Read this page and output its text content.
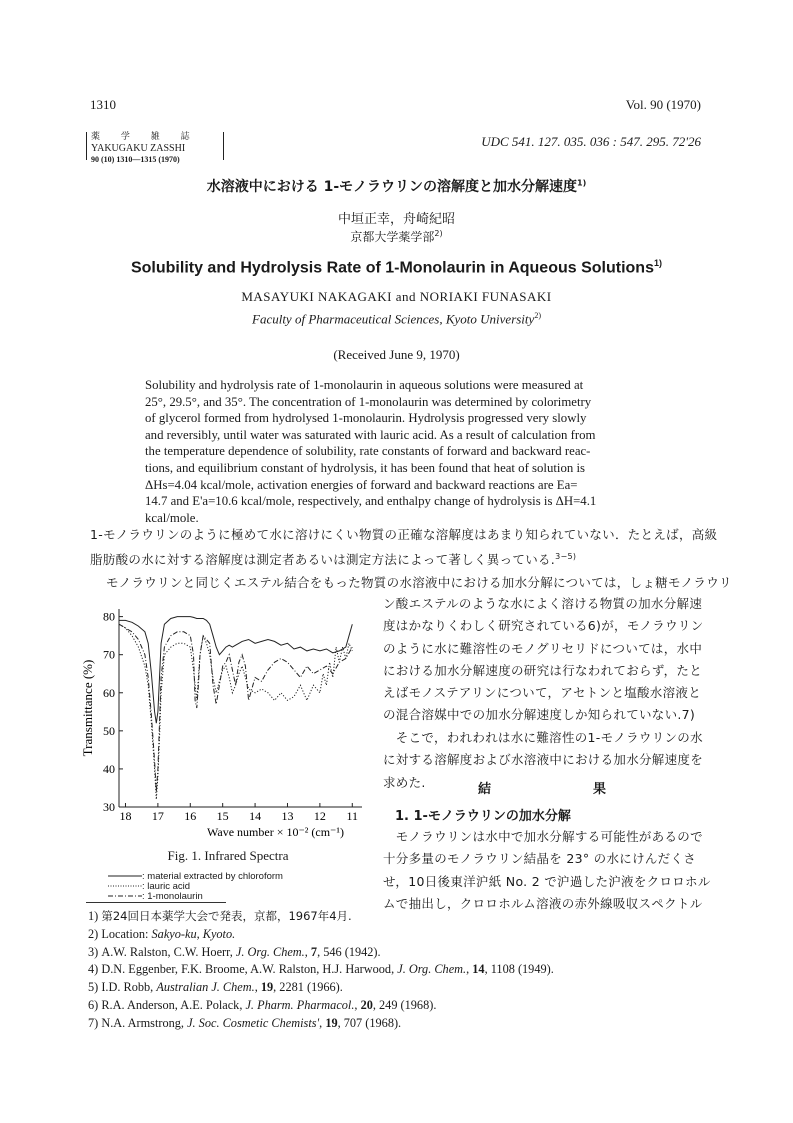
1310	Vol. 90 (1970)
薬 学 雑 誌
YAKUGAKU ZASSHI
90 (10) 1310—1315 (1970)
UDC 541. 127. 035. 036 : 547. 295. 72'26
水溶液中における 1-モノラウリンの溶解度と加水分解速度$^{1)}$
中垣正幸，舟崎紀昭
京都大学薬学部$^{2)}$
Solubility and Hydrolysis Rate of 1-Monolaurin in Aqueous Solutions$^{1)}$
MASAYUKI NAKAGAKI and NORIAKI FUNASAKI
Faculty of Pharmaceutical Sciences, Kyoto University$^{2)}$
(Received June 9, 1970)
Solubility and hydrolysis rate of 1-monolaurin in aqueous solutions were measured at
25°, 29.5°, and 35°. The concentration of 1-monolaurin was determined by colorimetry
of glycerol formed from hydrolysed 1-monolaurin. Hydrolysis progressed very slowly
and reversibly, until water was saturated with lauric acid. As a result of calculation from
the temperature dependence of solubility, rate constants of forward and backward reac-
tions, and equilibrium constant of hydrolysis, it has been found that heat of solution is
ΔHs=4.04 kcal/mole, activation energies of forward and backward reactions are Ea=
14.7 and E'a=10.6 kcal/mole, respectively, and enthalpy change of hydrolysis is ΔH=4.1
kcal/mole.
1-モノラウリンのように極めて水に溶けにくい物質の正確な溶解度はあまり知られていない．たとえば，高級
脂肪酸の水に対する溶解度は測定者あるいは測定方法によって著しく異っている.$^{3-5)}$
モノラウリンと同じくエステル結合をもった物質の水溶液中における加水分解については，しょ糖モノラウリ
ン酸エステルのような水によく溶ける物質の加水分解速
度はかなりくわしく研究されている6)が，モノラウリン
のように水に難溶性のモノグリセリドについては，水中
における加水分解速度の研究は行なわれておらず，たと
えばモノステアリンについて，アセトンと塩酸水溶液と
の混合溶媒中での加水分解速度しか知られていない.7)
　そこで，われわれは水に難溶性の1-モノラウリンの水
に対する溶解度および水溶液中における加水分解速度を
求めた.	結	果
1. 1-モノラウリンの加水分解
　モノラウリンは水中で加水分解する可能性があるので
十分多量のモノラウリン結晶を 23° の水にけんだくさ
せ，10日後東洋沪紙 No. 2 で沪過した沪液をクロロホル
ムで抽出し，クロロホルム溶液の赤外線吸収スペクトル
30
40
50
60
70
80
18 17 16 15 14 13 12 11
Wave number × 10⁻² (cm⁻¹)
Transmittance (%)
Fig. 1. Infrared Spectra
: material extracted by chloroform
: lauric acid
: 1-monolaurin
1) 第24回日本薬学大会で発表，京都，1967年4月.
2) Location: Sakyo-ku, Kyoto.
3) A.W. Ralston, C.W. Hoerr, J. Org. Chem., 7, 546 (1942).
4) D.N. Eggenber, F.K. Broome, A.W. Ralston, H.J. Harwood, J. Org. Chem., 14, 1108 (1949).
5) I.D. Robb, Australian J. Chem., 19, 2281 (1966).
6) R.A. Anderson, A.E. Polack, J. Pharm. Pharmacol., 20, 249 (1968).
7) N.A. Armstrong, J. Soc. Cosmetic Chemists', 19, 707 (1968).
